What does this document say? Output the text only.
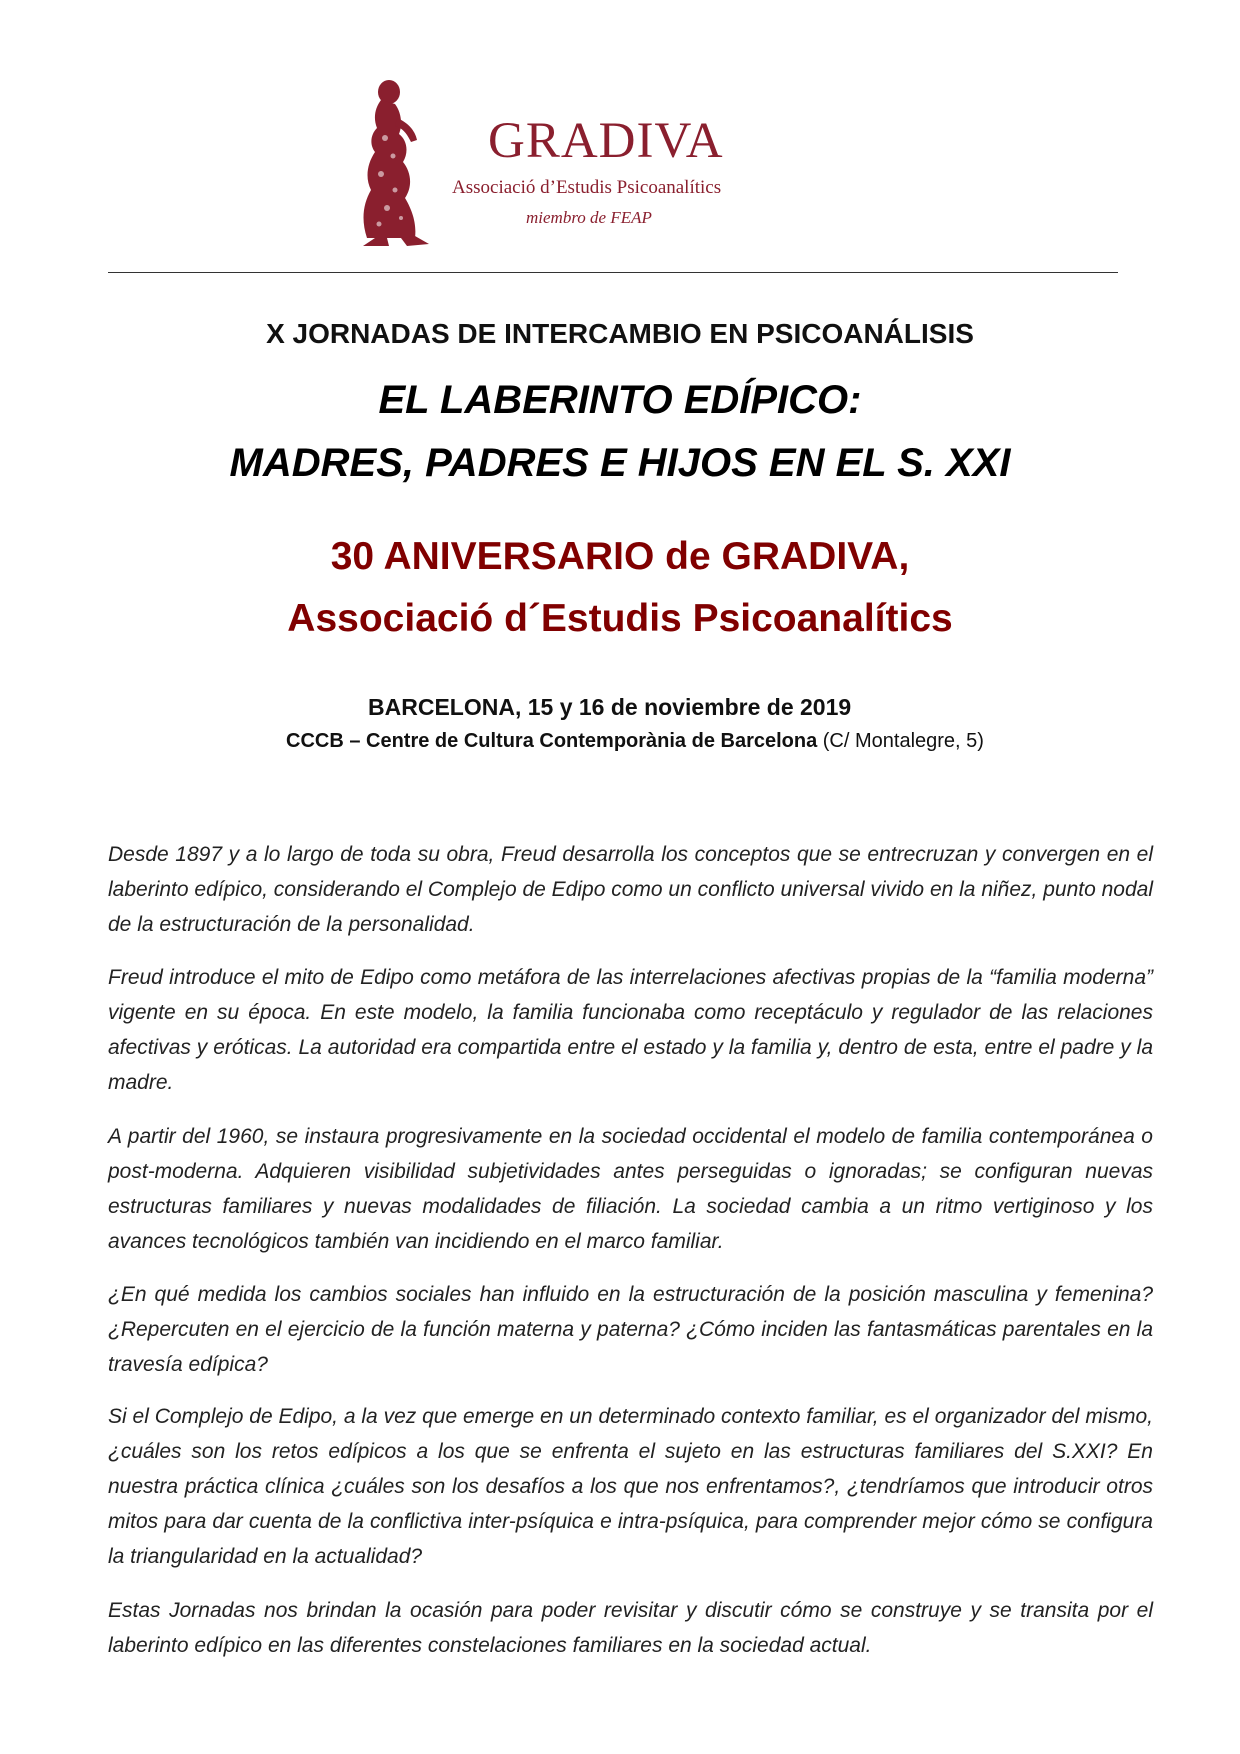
GRADIVA
Associació d’Estudis Psicoanalítics
miembro de FEAP
X JORNADAS DE INTERCAMBIO EN PSICOANÁLISIS
EL LABERINTO EDÍPICO:
MADRES, PADRES E HIJOS EN EL S. XXI
30 ANIVERSARIO de GRADIVA,
Associació d´Estudis Psicoanalítics
BARCELONA, 15 y 16 de noviembre de 2019
CCCB – Centre de Cultura Contemporània de Barcelona (C/ Montalegre, 5)

Desde 1897 y a lo largo de toda su obra, Freud desarrolla los conceptos que se entrecruzan y convergen en el laberinto edípico, considerando el Complejo de Edipo como un conflicto universal vivido en la niñez, punto nodal de la estructuración de la personalidad.

Freud introduce el mito de Edipo como metáfora de las interrelaciones afectivas propias de la “familia moderna” vigente en su época. En este modelo, la familia funcionaba como receptáculo y regulador de las relaciones afectivas y eróticas. La autoridad era compartida entre el estado y la familia y, dentro de esta, entre el padre y la madre.

A partir del 1960, se instaura progresivamente en la sociedad occidental el modelo de familia contemporánea o post-moderna. Adquieren visibilidad subjetividades antes perseguidas o ignoradas; se configuran nuevas estructuras familiares y nuevas modalidades de filiación. La sociedad cambia a un ritmo vertiginoso y los avances tecnológicos también van incidiendo en el marco familiar.

¿En qué medida los cambios sociales han influido en la estructuración de la posición masculina y femenina? ¿Repercuten en el ejercicio de la función materna y paterna? ¿Cómo inciden las fantasmáticas parentales en la travesía edípica?

Si el Complejo de Edipo, a la vez que emerge en un determinado contexto familiar, es el organizador del mismo, ¿cuáles son los retos edípicos a los que se enfrenta el sujeto en las estructuras familiares del S.XXI? En nuestra práctica clínica ¿cuáles son los desafíos a los que nos enfrentamos?, ¿tendríamos que introducir otros mitos para dar cuenta de la conflictiva inter-psíquica e intra-psíquica, para comprender mejor cómo se configura la triangularidad en la actualidad?

Estas Jornadas nos brindan la ocasión para poder revisitar y discutir cómo se construye y se transita por el laberinto edípico en las diferentes constelaciones familiares en la sociedad actual.
